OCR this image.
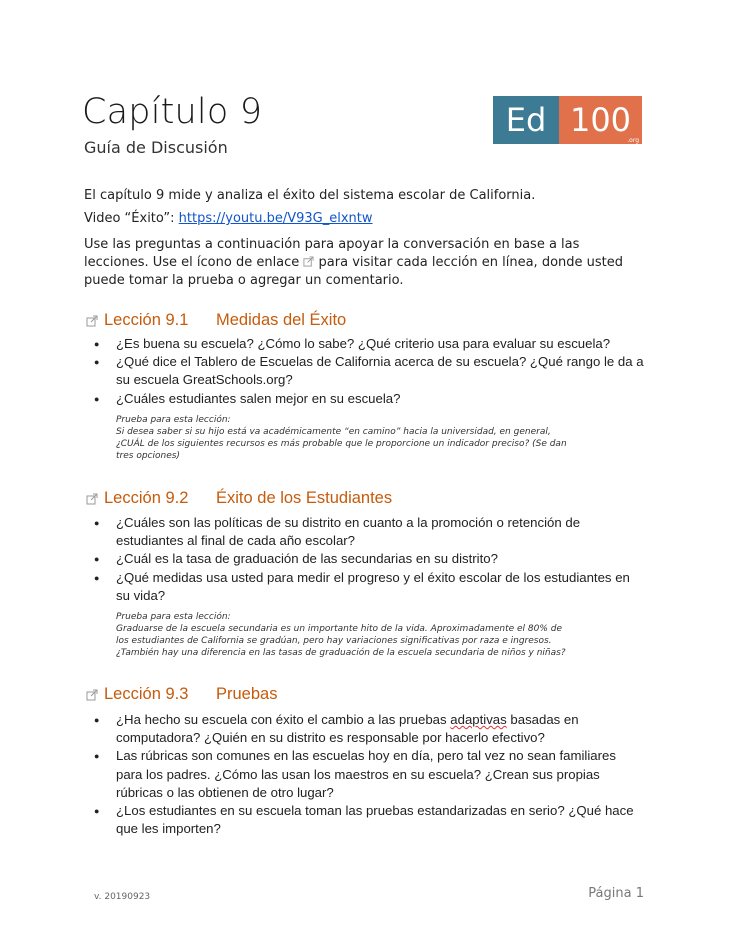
Capítulo 9
Guía de Discusión
Ed 100
.org
El capítulo 9 mide y analiza el éxito del sistema escolar de California.
Video “Éxito”: https://youtu.be/V93G_elxntw
Use las preguntas a continuación para apoyar la conversación en base a las
lecciones. Use el ícono de enlace  para visitar cada lección en línea, donde usted
puede tomar la prueba o agregar un comentario.
Lección 9.1	Medidas del Éxito
● ¿Es buena su escuela? ¿Cómo lo sabe? ¿Qué criterio usa para evaluar su escuela?
● ¿Qué dice el Tablero de Escuelas de California acerca de su escuela? ¿Qué rango le da a
su escuela GreatSchools.org?
● ¿Cuáles estudiantes salen mejor en su escuela?
Prueba para esta lección:
Si desea saber si su hijo está va académicamente “en camino” hacia la universidad, en general,
¿CUÁL de los siguientes recursos es más probable que le proporcione un indicador preciso? (Se dan
tres opciones)
Lección 9.2	Éxito de los Estudiantes
● ¿Cuáles son las políticas de su distrito en cuanto a la promoción o retención de
estudiantes al final de cada año escolar?
● ¿Cuál es la tasa de graduación de las secundarias en su distrito?
● ¿Qué medidas usa usted para medir el progreso y el éxito escolar de los estudiantes en
su vida?
Prueba para esta lección:
Graduarse de la escuela secundaria es un importante hito de la vida. Aproximadamente el 80% de
los estudiantes de California se gradúan, pero hay variaciones significativas por raza e ingresos.
¿También hay una diferencia en las tasas de graduación de la escuela secundaria de niños y niñas?
Lección 9.3	Pruebas
● ¿Ha hecho su escuela con éxito el cambio a las pruebas adaptivas basadas en
computadora? ¿Quién en su distrito es responsable por hacerlo efectivo?
● Las rúbricas son comunes en las escuelas hoy en día, pero tal vez no sean familiares
para los padres. ¿Cómo las usan los maestros en su escuela? ¿Crean sus propias
rúbricas o las obtienen de otro lugar?
● ¿Los estudiantes en su escuela toman las pruebas estandarizadas en serio? ¿Qué hace
que les importen?
v. 20190923	Página 1
